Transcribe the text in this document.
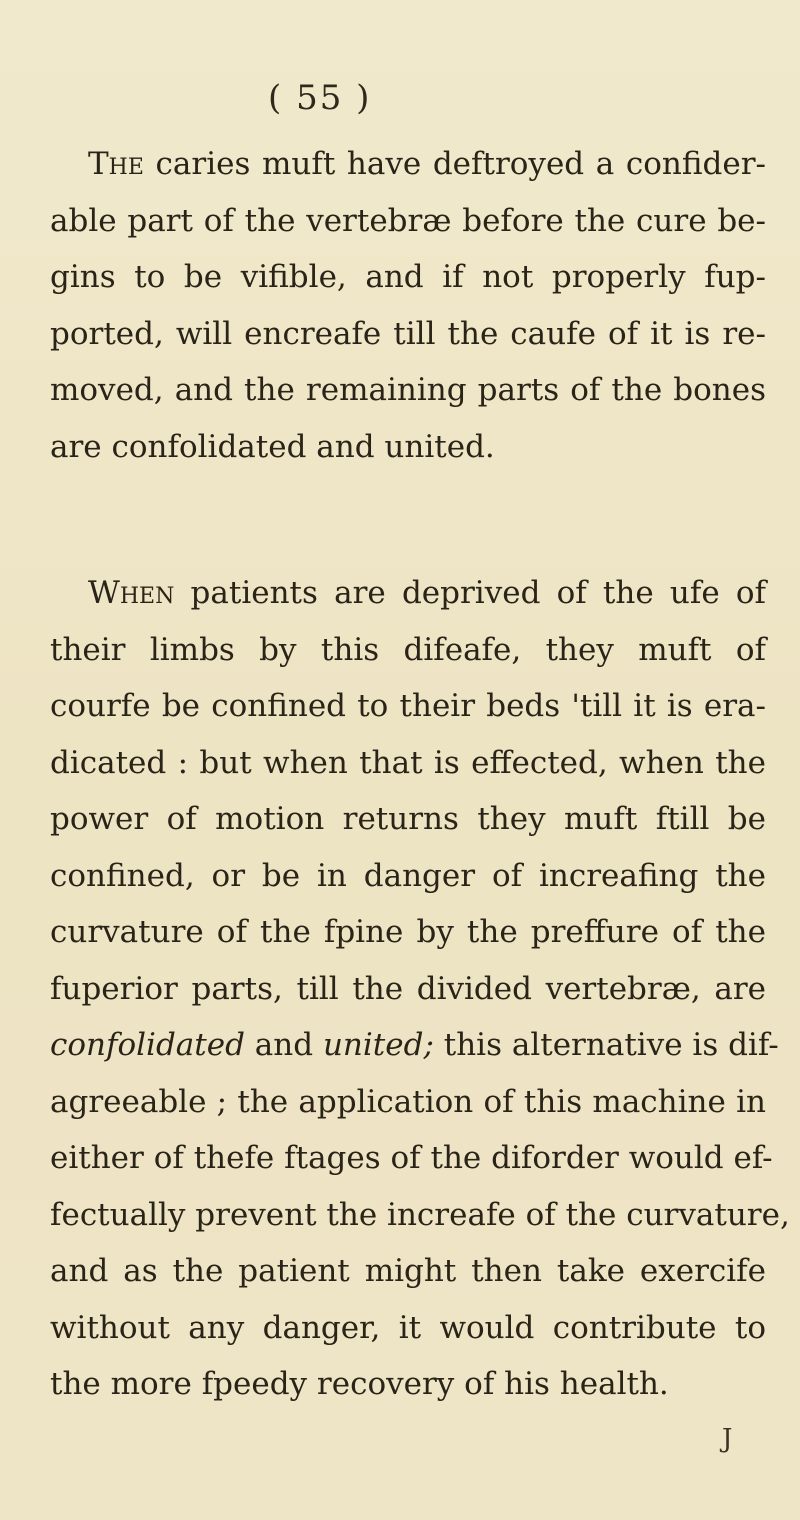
( 55 )
The caries muft have deftroyed a confider-
able part of the vertebræ before the cure be-
gins to be vifible, and if not properly fup-
ported, will encreafe till the caufe of it is re-
moved, and the remaining parts of the bones
are confolidated and united.
When patients are deprived of the ufe of
their limbs by this difeafe, they muft of
courfe be confined to their beds 'till it is era-
dicated : but when that is effected, when the
power of motion returns they muft ftill be
confined, or be in danger of increafing the
curvature of the fpine by the preffure of the
fuperior parts, till the divided vertebræ, are
confolidated and united; this alternative is dif-
agreeable ; the application of this machine in
either of thefe ftages of the diforder would ef-
fectually prevent the increafe of the curvature,
and as the patient might then take exercife
without any danger, it would contribute to
the more fpeedy recovery of his health.
J
